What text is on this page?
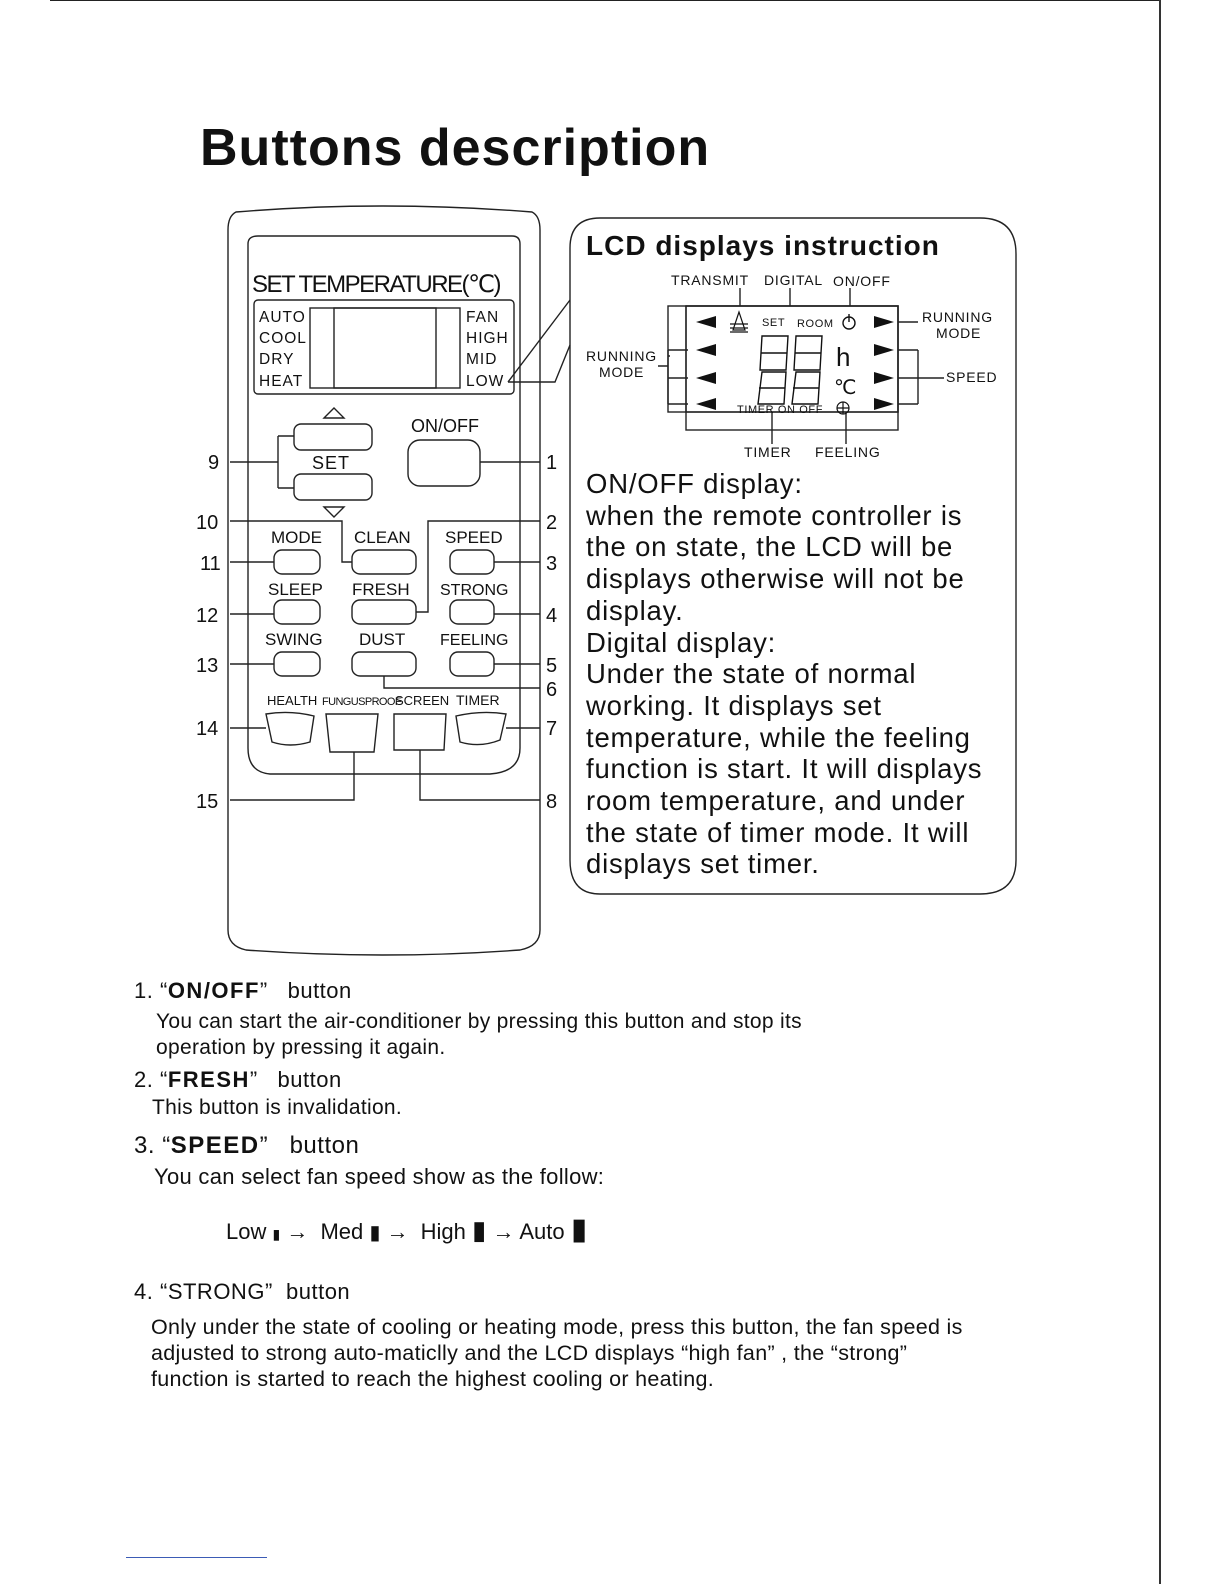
Buttons description
SET TEMPERATURE(℃)
AUTO
COOL
DRY
HEAT
FAN
HIGH
MID
LOW
ON/OFF
SET
MODE CLEAN SPEED
SLEEP FRESH STRONG
SWING DUST FEELING
HEALTH FUNGUSPROOF
SCREEN TIMER
9
10
11
12
13
14
15
1
2
3
4
5
6
7
8
TRANSMIT DIGITAL ON/OFF
RUNNING
MODE
RUNNING
MODE
SPEED
TIMER FEELING
SET ROOM
TIMER ON OFF
h
℃
88
LCD displays instruction
ON/OFF display:
when the remote controller is
the on state, the LCD will be
displays otherwise will not be
display.
Digital display:
Under the state of normal
working. It displays set
temperature, while the feeling
function is start. It will displays
room temperature, and under
the state of timer mode. It will
displays set timer.
1. “ON/OFF” button
You can start the air-conditioner by pressing this button and stop its
operation by pressing it again.
2. “FRESH” button
This button is invalidation.
3. “SPEED” button
You can select fan speed show as the follow:
Low ▮ → Med ▮ → High ▮ → Auto ▮
4. “STRONG” button
Only under the state of cooling or heating mode, press this button, the fan speed is
adjusted to strong auto-maticlly and the LCD displays “high fan” , the “strong”
function is started to reach the highest cooling or heating.
